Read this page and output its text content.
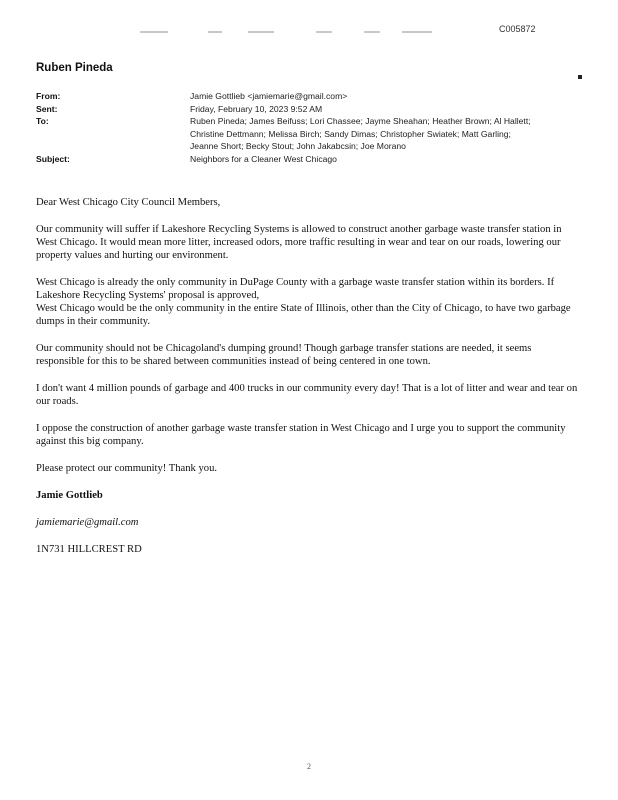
C005872
Ruben Pineda
From:	Jamie Gottlieb <jamiemarie@gmail.com>
Sent:	Friday, February 10, 2023 9:52 AM
To:	Ruben Pineda; James Beifuss; Lori Chassee; Jayme Sheahan; Heather Brown; Al Hallett;
Christine Dettmann; Melissa Birch; Sandy Dimas; Christopher Swiatek; Matt Garling;
Jeanne Short; Becky Stout; John Jakabcsin; Joe Morano
Subject:	Neighbors for a Cleaner West Chicago

Dear West Chicago City Council Members,

Our community will suffer if Lakeshore Recycling Systems is allowed to construct another garbage waste transfer station in West Chicago. It would mean more litter, increased odors, more traffic resulting in wear and tear on our roads, lowering our property values and hurting our environment.

West Chicago is already the only community in DuPage County with a garbage waste transfer station within its borders. If Lakeshore Recycling Systems' proposal is approved,
West Chicago would be the only community in the entire State of Illinois, other than the City of Chicago, to have two garbage dumps in their community.

Our community should not be Chicagoland's dumping ground! Though garbage transfer stations are needed, it seems responsible for this to be shared between communities instead of being centered in one town.

I don't want 4 million pounds of garbage and 400 trucks in our community every day! That is a lot of litter and wear and tear on our roads.

I oppose the construction of another garbage waste transfer station in West Chicago and I urge you to support the community against this big company.

Please protect our community! Thank you.

Jamie Gottlieb

jamiemarie@gmail.com

1N731 HILLCREST RD

2
